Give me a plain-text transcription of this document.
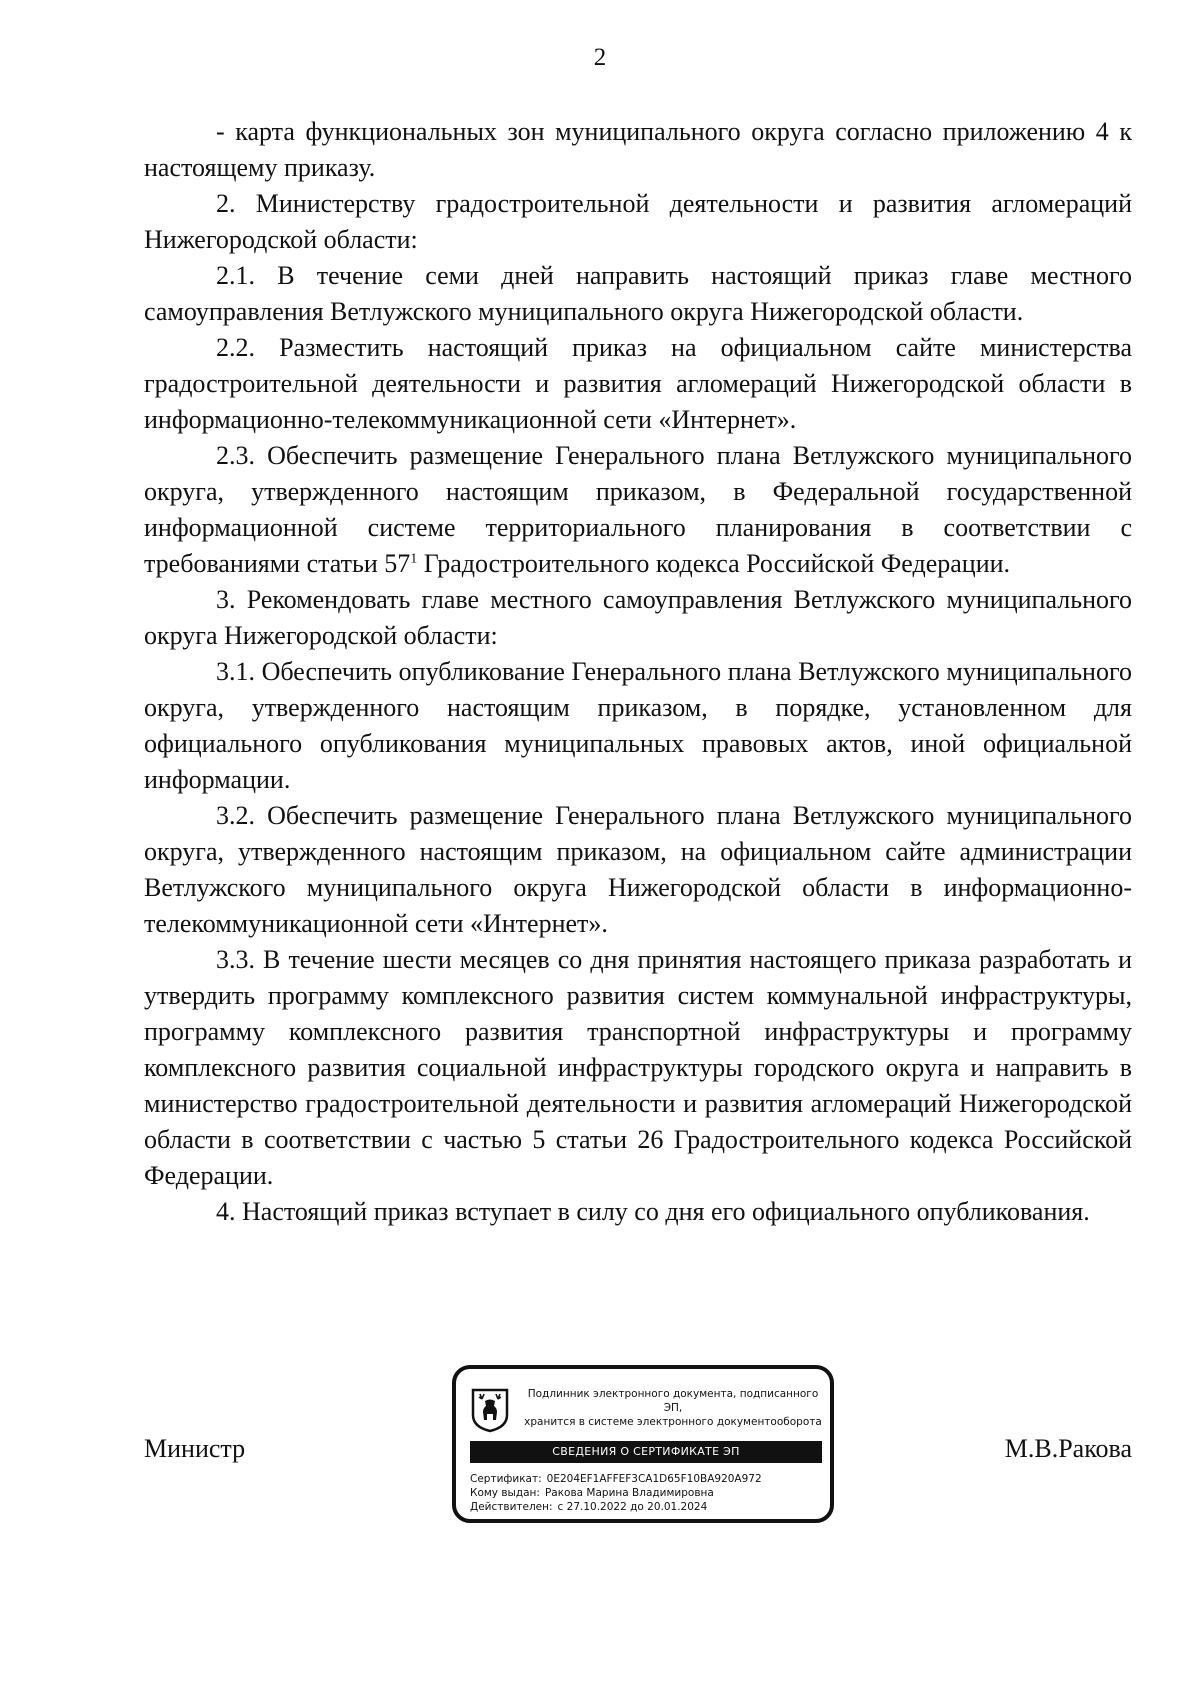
2

- карта функциональных зон муниципального округа согласно приложению 4 к настоящему приказу.

2. Министерству градостроительной деятельности и развития агломераций Нижегородской области:

2.1. В течение семи дней направить настоящий приказ главе местного самоуправления Ветлужского муниципального округа Нижегородской области.

2.2. Разместить настоящий приказ на официальном сайте министерства градостроительной деятельности и развития агломераций Нижегородской области в информационно-телекоммуникационной сети «Интернет».

2.3. Обеспечить размещение Генерального плана Ветлужского муниципального округа, утвержденного настоящим приказом, в Федеральной государственной информационной системе территориального планирования в соответствии с требованиями статьи $57^1$ Градостроительного кодекса Российской Федерации.

3. Рекомендовать главе местного самоуправления Ветлужского муниципального округа Нижегородской области:

3.1. Обеспечить опубликование Генерального плана Ветлужского муниципального округа, утвержденного настоящим приказом, в порядке, установленном для официального опубликования муниципальных правовых актов, иной официальной информации.

3.2. Обеспечить размещение Генерального плана Ветлужского муниципального округа, утвержденного настоящим приказом, на официальном сайте администрации Ветлужского муниципального округа Нижегородской области в информационно-телекоммуникационной сети «Интернет».

3.3. В течение шести месяцев со дня принятия настоящего приказа разработать и утвердить программу комплексного развития систем коммунальной инфраструктуры, программу комплексного развития транспортной инфраструктуры и программу комплексного развития социальной инфраструктуры городского округа и направить в министерство градостроительной деятельности и развития агломераций Нижегородской области в соответствии с частью 5 статьи 26 Градостроительного кодекса Российской Федерации.

4. Настоящий приказ вступает в силу со дня его официального опубликования.

Министр	М.В.Ракова
Подлинник электронного документа, подписанного ЭП,
хранится в системе электронного документооборота
СВЕДЕНИЯ О СЕРТИФИКАТЕ ЭП
Сертификат: 0E204EF1AFFEF3CA1D65F10BA920A972
Кому выдан: Ракова Марина Владимировна
Действителен: с 27.10.2022 до 20.01.2024
